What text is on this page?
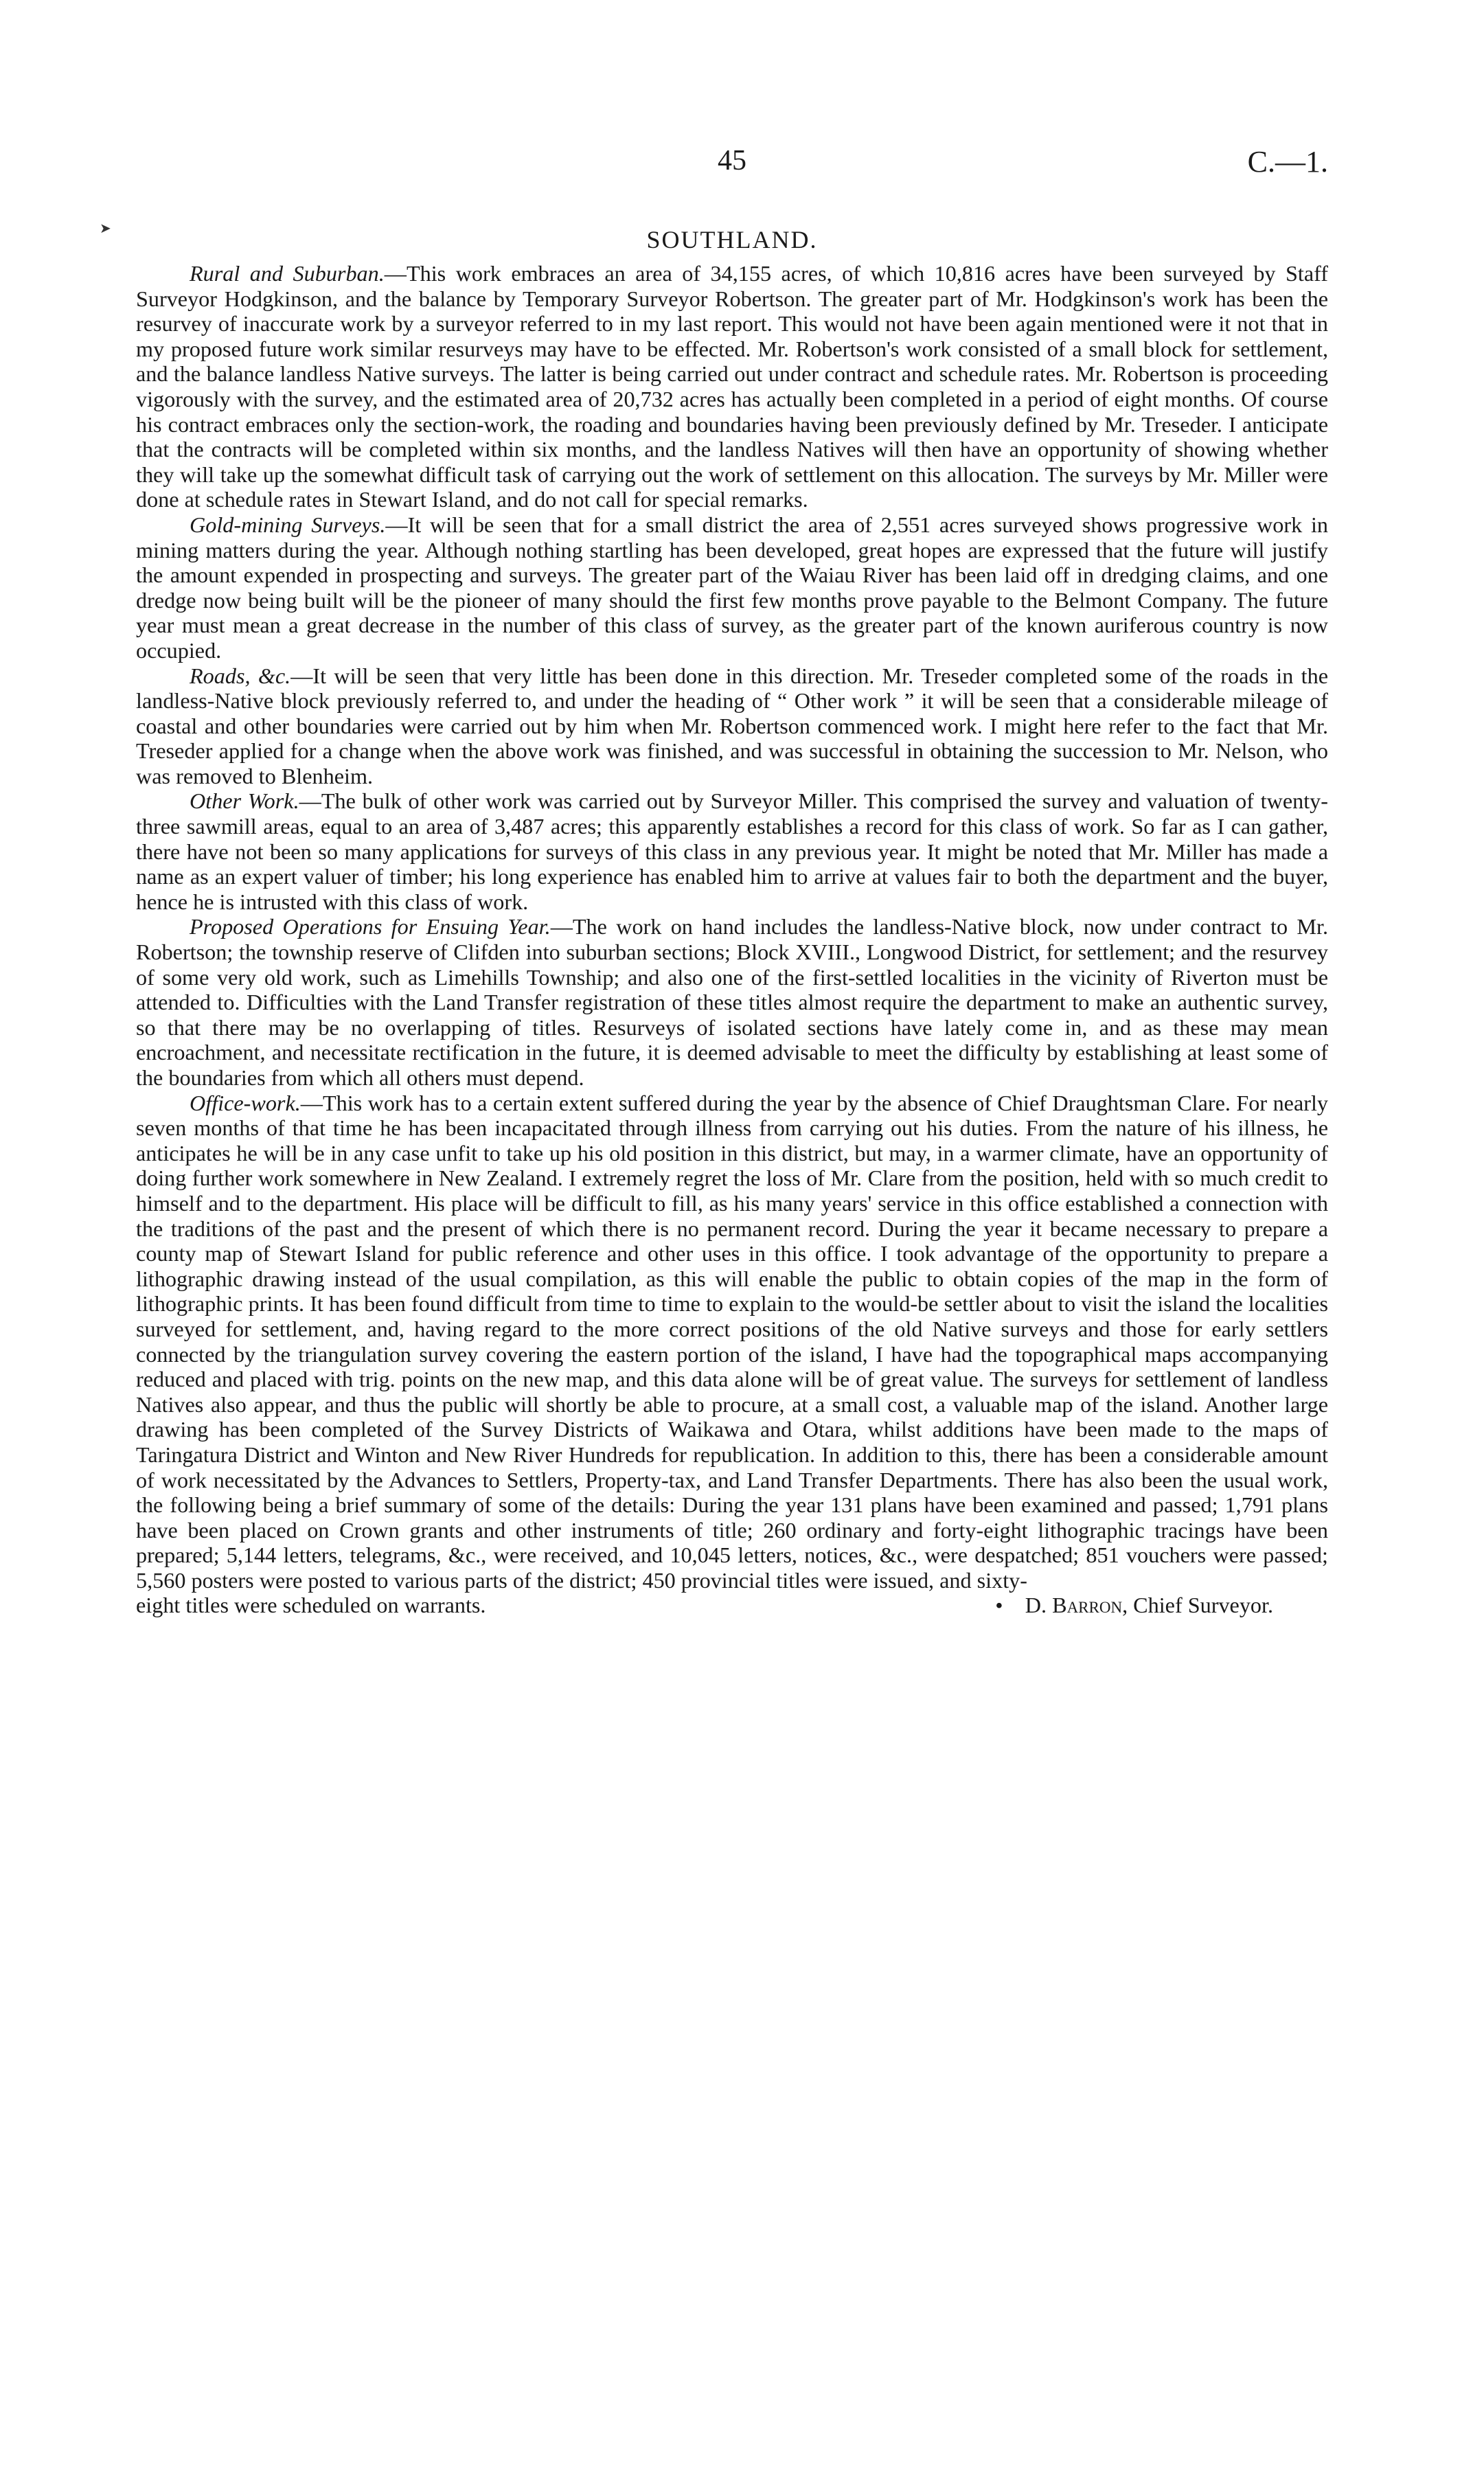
➤
45	C.—1.
SOUTHLAND.

Rural and Suburban.—This work embraces an area of 34,155 acres, of which 10,816 acres have been surveyed by Staff Surveyor Hodgkinson, and the balance by Temporary Surveyor Robertson. The greater part of Mr. Hodgkinson's work has been the resurvey of inaccurate work by a surveyor referred to in my last report. This would not have been again mentioned were it not that in my proposed future work similar resurveys may have to be effected. Mr. Robertson's work consisted of a small block for settlement, and the balance landless Native surveys. The latter is being carried out under contract and schedule rates. Mr. Robertson is proceeding vigorously with the survey, and the estimated area of 20,732 acres has actually been completed in a period of eight months. Of course his contract embraces only the section-work, the roading and boundaries having been previously defined by Mr. Treseder. I anticipate that the contracts will be completed within six months, and the landless Natives will then have an opportunity of showing whether they will take up the somewhat difficult task of carrying out the work of settlement on this allocation. The surveys by Mr. Miller were done at schedule rates in Stewart Island, and do not call for special remarks.

Gold-mining Surveys.—It will be seen that for a small district the area of 2,551 acres surveyed shows progressive work in mining matters during the year. Although nothing startling has been developed, great hopes are expressed that the future will justify the amount expended in prospecting and surveys. The greater part of the Waiau River has been laid off in dredging claims, and one dredge now being built will be the pioneer of many should the first few months prove payable to the Belmont Company. The future year must mean a great decrease in the number of this class of survey, as the greater part of the known auriferous country is now occupied.

Roads, &c.—It will be seen that very little has been done in this direction. Mr. Treseder completed some of the roads in the landless-Native block previously referred to, and under the heading of “ Other work ” it will be seen that a considerable mileage of coastal and other boundaries were carried out by him when Mr. Robertson commenced work. I might here refer to the fact that Mr. Treseder applied for a change when the above work was finished, and was successful in obtaining the succession to Mr. Nelson, who was removed to Blenheim.

Other Work.—The bulk of other work was carried out by Surveyor Miller. This comprised the survey and valuation of twenty-three sawmill areas, equal to an area of 3,487 acres; this apparently establishes a record for this class of work. So far as I can gather, there have not been so many applications for surveys of this class in any previous year. It might be noted that Mr. Miller has made a name as an expert valuer of timber; his long experience has enabled him to arrive at values fair to both the department and the buyer, hence he is intrusted with this class of work.

Proposed Operations for Ensuing Year.—The work on hand includes the landless-Native block, now under contract to Mr. Robertson; the township reserve of Clifden into suburban sections; Block XVIII., Longwood District, for settlement; and the resurvey of some very old work, such as Limehills Township; and also one of the first-settled localities in the vicinity of Riverton must be attended to. Difficulties with the Land Transfer registration of these titles almost require the department to make an authentic survey, so that there may be no overlapping of titles. Resurveys of isolated sections have lately come in, and as these may mean encroachment, and necessitate rectification in the future, it is deemed advisable to meet the difficulty by establishing at least some of the boundaries from which all others must depend.

Office-work.—This work has to a certain extent suffered during the year by the absence of Chief Draughtsman Clare. For nearly seven months of that time he has been incapacitated through illness from carrying out his duties. From the nature of his illness, he anticipates he will be in any case unfit to take up his old position in this district, but may, in a warmer climate, have an opportunity of doing further work somewhere in New Zealand. I extremely regret the loss of Mr. Clare from the position, held with so much credit to himself and to the department. His place will be difficult to fill, as his many years' service in this office established a connection with the traditions of the past and the present of which there is no permanent record. During the year it became necessary to prepare a county map of Stewart Island for public reference and other uses in this office. I took advantage of the opportunity to prepare a lithographic drawing instead of the usual compilation, as this will enable the public to obtain copies of the map in the form of lithographic prints. It has been found difficult from time to time to explain to the would-be settler about to visit the island the localities surveyed for settlement, and, having regard to the more correct positions of the old Native surveys and those for early settlers connected by the triangulation survey covering the eastern portion of the island, I have had the topographical maps accompanying reduced and placed with trig. points on the new map, and this data alone will be of great value. The surveys for settlement of landless Natives also appear, and thus the public will shortly be able to procure, at a small cost, a valuable map of the island. Another large drawing has been completed of the Survey Districts of Waikawa and Otara, whilst additions have been made to the maps of Taringatura District and Winton and New River Hundreds for republication. In addition to this, there has been a considerable amount of work necessitated by the Advances to Settlers, Property-tax, and Land Transfer Departments. There has also been the usual work, the following being a brief summary of some of the details: During the year 131 plans have been examined and passed; 1,791 plans have been placed on Crown grants and other instruments of title; 260 ordinary and forty-eight lithographic tracings have been prepared; 5,144 letters, telegrams, &c., were received, and 10,045 letters, notices, &c., were despatched; 851 vouchers were passed; 5,560 posters were posted to various parts of the district; 450 provincial titles were issued, and sixty-

eight titles were scheduled on warrants.	• D. Barron, Chief Surveyor.
